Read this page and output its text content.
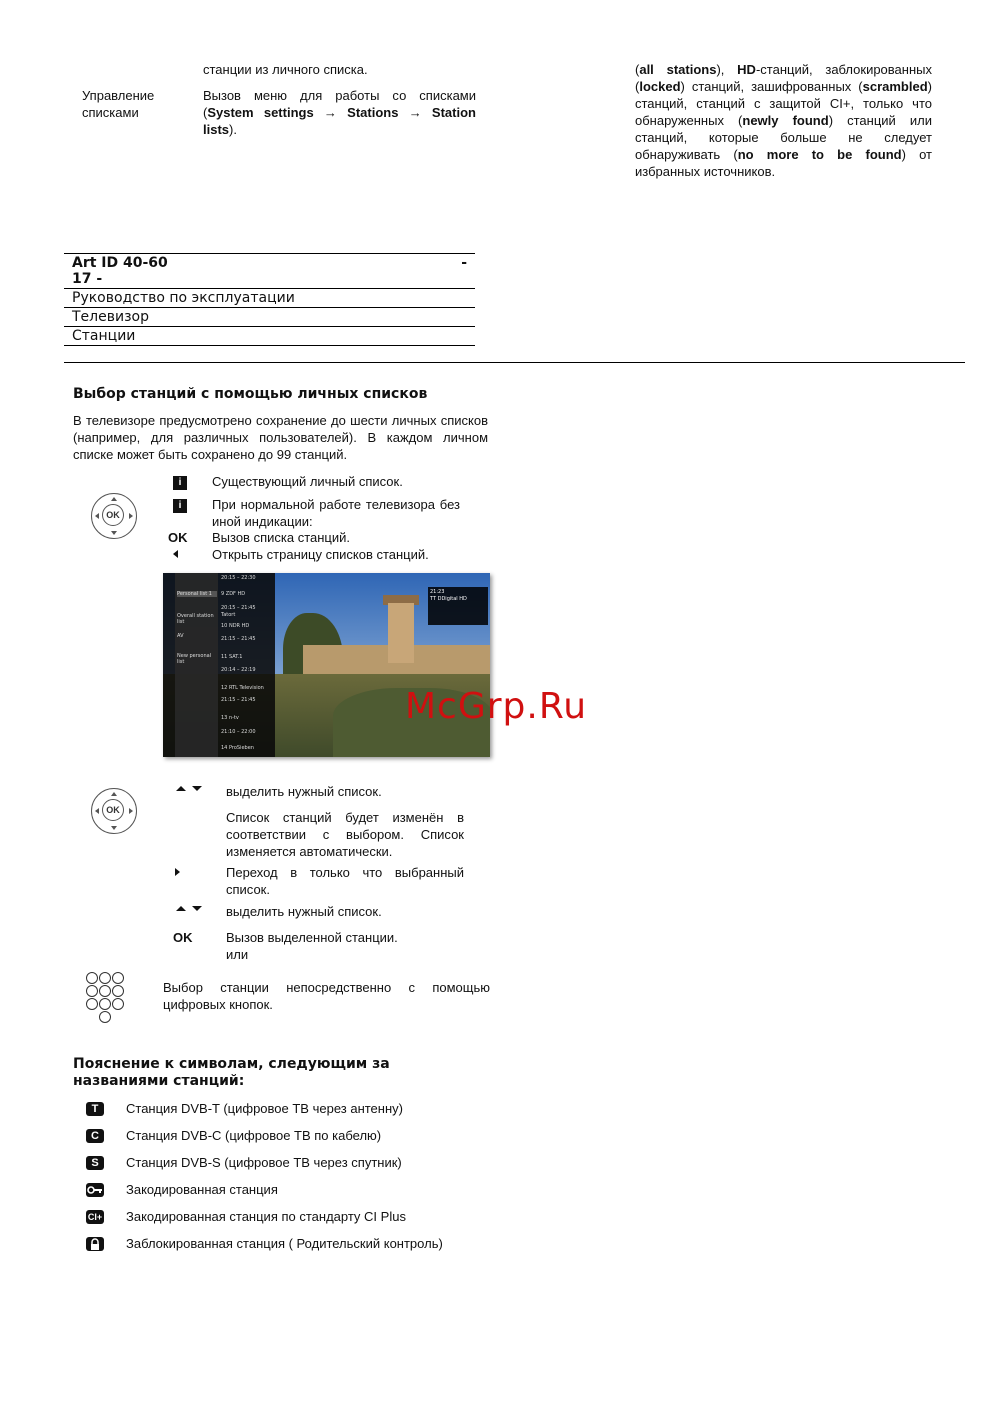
станции из личного списка.
Управление списками
Вызов меню для работы со списками (System settings → Stations → Station lists).
(all stations), HD-станций, заблокированных (locked) станций, зашифрованных (scrambled) станций, станций с защитой CI+, только что обнаруженных (newly found) станций или станций, которые больше не следует обнаруживать (no more to be found) от избранных источников.
Art ID 40-60	-
17 -
Руководство по эксплуатации
Телевизор
Станции
Выбор станций с помощью личных списков
В телевизоре предусмотрено сохранение до шести личных списков (например, для различных пользователей). В каждом личном списке может быть сохранено до 99 станций.
OK
i	Существующий личный список.
i	При нормальной работе телевизора без иной индикации:
OK Вызов списка станций.
Открыть страницу списков станций.
Personal list 1
Overall station list
AV
New personal list
20:15 – 22:30
9 ZDF HD
20:15 – 21:45
Tatort
10 NDR HD
21:15 – 21:45
11 SAT.1
20:14 – 22:19
12 RTL Television
21:15 – 21:45
13 n-tv
21:10 – 22:00
14 ProSieben
21:23
TT DDigital HD
McGrp.Ru
OK
выделить нужный список.
Список станций будет изменён в соответствии с выбором. Список изменяется автоматически.
Переход в только что выбранный список.
выделить нужный список.
OK	Вызов выделенной станции.
или
Выбор станции непосредственно с помощью цифровых кнопок.
Пояснение к символам, следующим за названиями станций:
T	Станция DVB-T (цифровое ТВ через антенну)
C	Станция DVB-C (цифровое ТВ по кабелю)
S	Станция DVB-S (цифровое ТВ через спутник)
Закодированная станция
CI+ Закодированная станция по стандарту CI Plus
Заблокированная станция ( Родительский контроль)
